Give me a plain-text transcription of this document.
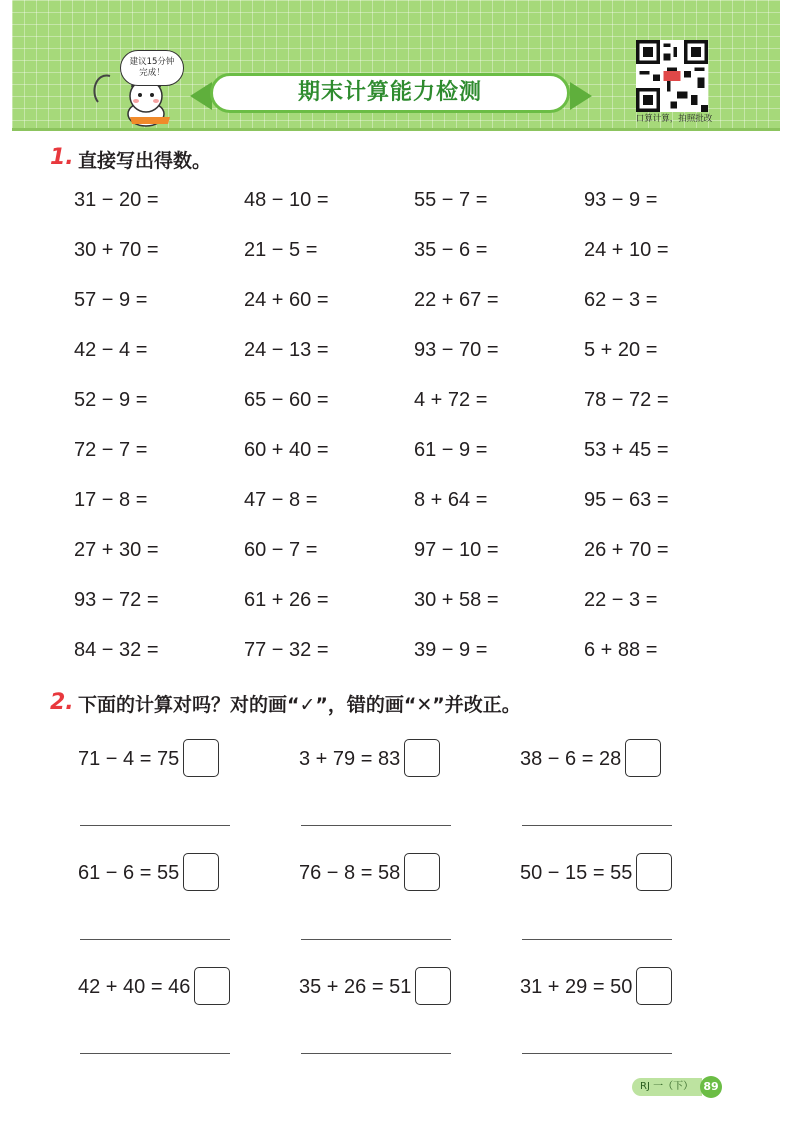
期末计算能力检测
建议15分钟
完成！
口算计算，拍照批改
1. 直接写出得数。
31 − 20 =	48 − 10 =	55 − 7 =	93 − 9 =
30 + 70 =	21 − 5 =	35 − 6 =	24 + 10 =
57 − 9 =	24 + 60 =	22 + 67 =	62 − 3 =
42 − 4 =	24 − 13 =	93 − 70 =	5 + 20 =
52 − 9 =	65 − 60 =	4 + 72 =	78 − 72 =
72 − 7 =	60 + 40 =	61 − 9 =	53 + 45 =
17 − 8 =	47 − 8 =	8 + 64 =	95 − 63 =
27 + 30 =	60 − 7 =	97 − 10 =	26 + 70 =
93 − 72 =	61 + 26 =	30 + 58 =	22 − 3 =
84 − 32 =	77 − 32 =	39 − 9 =	6 + 88 =
2. 下面的计算对吗？对的画“✓”，错的画“✕”并改正。
71 − 4 = 75	3 + 79 = 83	38 − 6 = 28
61 − 6 = 55	76 − 8 = 58	50 − 15 = 55
42 + 40 = 46	35 + 26 = 51	31 + 29 = 50
RJ 一（下） 89
